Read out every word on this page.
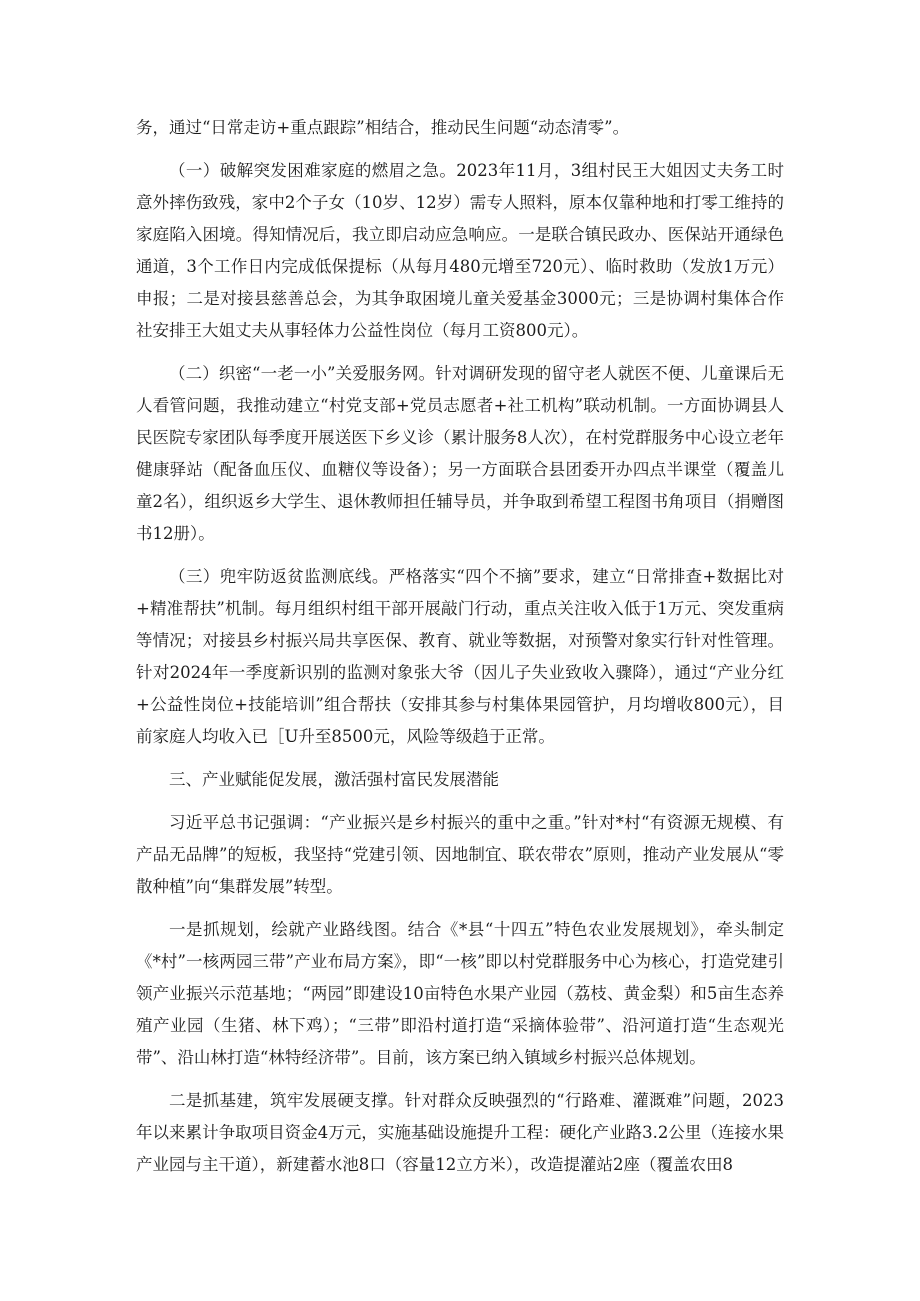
务，通过“日常走访+重点跟踪”相结合，推动民生问题“动态清零”。

（一）破解突发困难家庭的燃眉之急。2023年11月，3组村民王大姐因丈夫务工时意外摔伤致残，家中2个子女（10岁、12岁）需专人照料，原本仅靠种地和打零工维持的家庭陷入困境。得知情况后，我立即启动应急响应。一是联合镇民政办、医保站开通绿色通道，3个工作日内完成低保提标（从每月480元增至720元）、临时救助（发放1万元）申报；二是对接县慈善总会，为其争取困境儿童关爱基金3000元；三是协调村集体合作社安排王大姐丈夫从事轻体力公益性岗位（每月工资800元）。

（二）织密“一老一小”关爱服务网。针对调研发现的留守老人就医不便、儿童课后无人看管问题，我推动建立“村党支部+党员志愿者+社工机构”联动机制。一方面协调县人民医院专家团队每季度开展送医下乡义诊（累计服务8人次），在村党群服务中心设立老年健康驿站（配备血压仪、血糖仪等设备）；另一方面联合县团委开办四点半课堂（覆盖儿童2名），组织返乡大学生、退休教师担任辅导员，并争取到希望工程图书角项目（捐赠图书12册）。

（三）兜牢防返贫监测底线。严格落实“四个不摘”要求，建立“日常排查+数据比对+精准帮扶”机制。每月组织村组干部开展敲门行动，重点关注收入低于1万元、突发重病等情况；对接县乡村振兴局共享医保、教育、就业等数据，对预警对象实行针对性管理。针对2024年一季度新识别的监测对象张大爷（因儿子失业致收入骤降），通过“产业分红+公益性岗位+技能培训”组合帮扶（安排其参与村集体果园管护，月均增收800元），目前家庭人均收入已［U升至8500元，风险等级趋于正常。

三、产业赋能促发展，激活强村富民发展潜能

习近平总书记强调：“产业振兴是乡村振兴的重中之重。”针对*村“有资源无规模、有产品无品牌”的短板，我坚持“党建引领、因地制宜、联农带农”原则，推动产业发展从“零散种植”向“集群发展”转型。

一是抓规划，绘就产业路线图。结合《*县“十四五”特色农业发展规划》，牵头制定《*村”一核两园三带”产业布局方案》，即“一核”即以村党群服务中心为核心，打造党建引领产业振兴示范基地；“两园”即建设10亩特色水果产业园（荔枝、黄金梨）和5亩生态养殖产业园（生猪、林下鸡）；“三带”即沿村道打造“采摘体验带”、沿河道打造“生态观光带”、沿山林打造“林特经济带”。目前，该方案已纳入镇域乡村振兴总体规划。

二是抓基建，筑牢发展硬支撑。针对群众反映强烈的“行路难、灌溉难”问题，2023年以来累计争取项目资金4万元，实施基础设施提升工程：硬化产业路3.2公里（连接水果产业园与主干道），新建蓄水池8口（容量12立方米），改造提灌站2座（覆盖农田8
